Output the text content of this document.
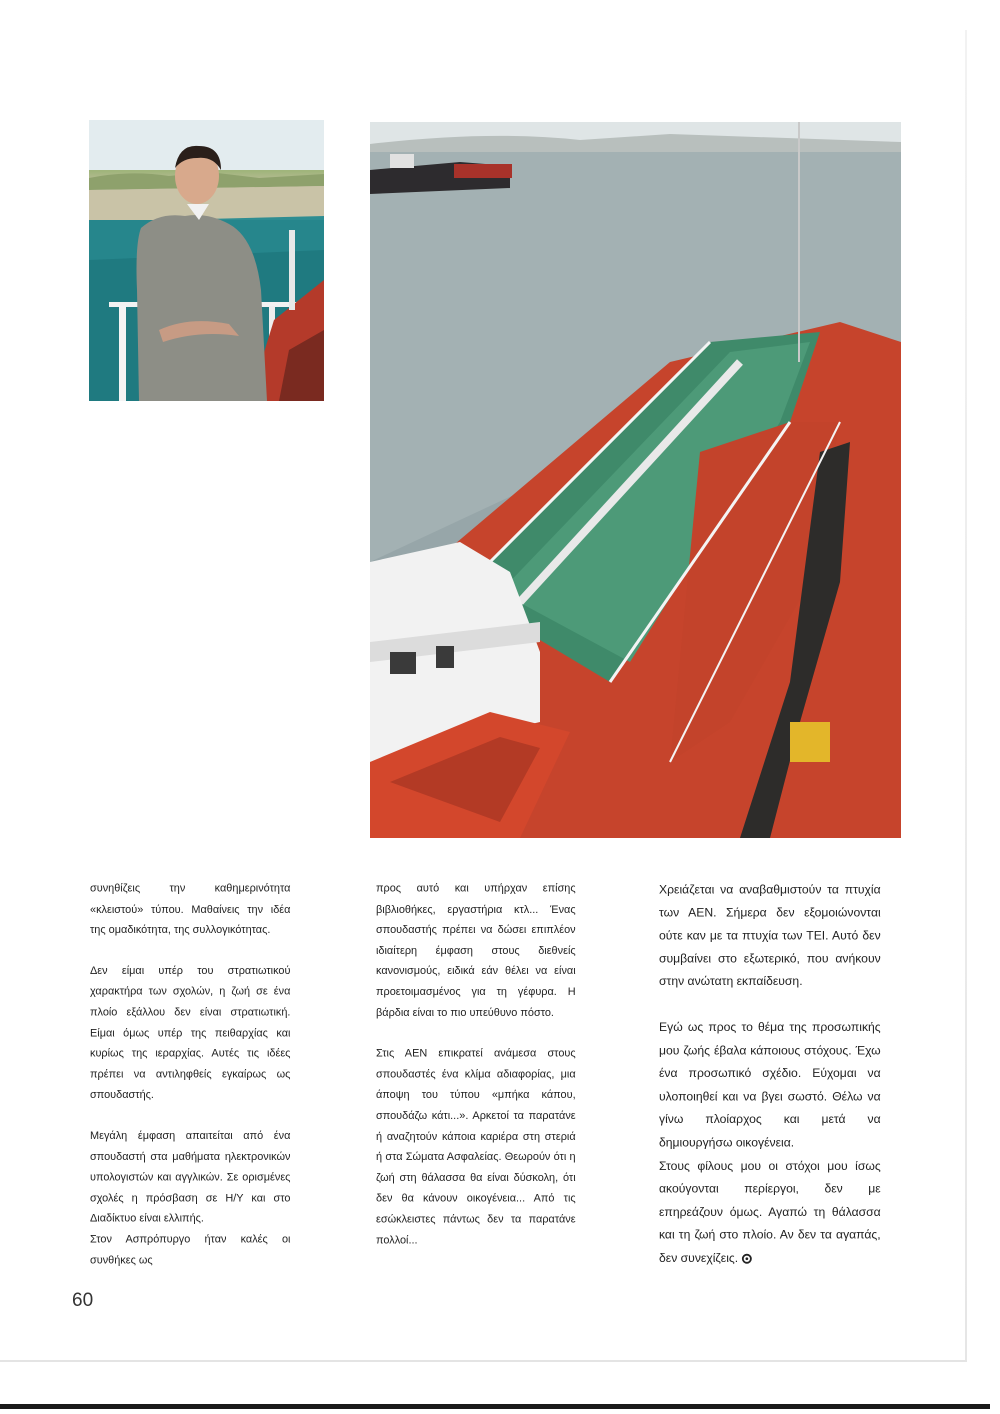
συνηθίζεις την καθημερινότητα «κλειστού» τύπου. Μαθαίνεις την ιδέα της ομαδικότητα, της συλλογικότητας.

Δεν είμαι υπέρ του στρατιωτικού χαρακτήρα των σχολών, η ζωή σε ένα πλοίο εξάλλου δεν είναι στρατιωτική. Είμαι όμως υπέρ της πειθαρχίας και κυρίως της ιεραρχίας. Αυτές τις ιδέες πρέπει να αντιληφθείς εγκαίρως ως σπουδαστής.

Μεγάλη έμφαση απαιτείται από ένα σπουδαστή στα μαθήματα ηλεκτρονικών υπολογιστών και αγγλικών. Σε ορισμένες σχολές η πρόσβαση σε Η/Υ και στο Διαδίκτυο είναι ελλιπής.

Στον Ασπρόπυργο ήταν καλές οι συνθήκες ως

προς αυτό και υπήρχαν επίσης βιβλιοθήκες, εργαστήρια κτλ... Ένας σπουδαστής πρέπει να δώσει επιπλέον ιδιαίτερη έμφαση στους διεθνείς κανονισμούς, ειδικά εάν θέλει να είναι προετοιμασμένος για τη γέφυρα. Η βάρδια είναι το πιο υπεύθυνο πόστο.

Στις ΑΕΝ επικρατεί ανάμεσα στους σπουδαστές ένα κλίμα αδιαφορίας, μια άποψη του τύπου «μπήκα κάπου, σπουδάζω κάτι...». Αρκετοί τα παρατάνε ή αναζητούν κάποια καριέρα στη στεριά ή στα Σώματα Ασφαλείας. Θεωρούν ότι η ζωή στη θάλασσα θα είναι δύσκολη, ότι δεν θα κάνουν οικογένεια... Από τις εσώκλειστες πάντως δεν τα παρατάνε πολλοί...

Χρειάζεται να αναβαθμιστούν τα πτυχία των ΑΕΝ. Σήμερα δεν εξομοιώνονται ούτε καν με τα πτυχία των ΤΕΙ. Αυτό δεν συμβαίνει στο εξωτερικό, που ανήκουν στην ανώτατη εκπαίδευση.

Εγώ ως προς το θέμα της προσωπικής μου ζωής έβαλα κάποιους στόχους. Έχω ένα προσωπικό σχέδιο. Εύχομαι να υλοποιηθεί και να βγει σωστό. Θέλω να γίνω πλοίαρχος και μετά να δημιουργήσω οικογένεια.

Στους φίλους μου οι στόχοι μου ίσως ακούγονται περίεργοι, δεν με επηρεάζουν όμως. Αγαπώ τη θάλασσα και τη ζωή στο πλοίο. Αν δεν τα αγαπάς, δεν συνεχίζεις.

60
